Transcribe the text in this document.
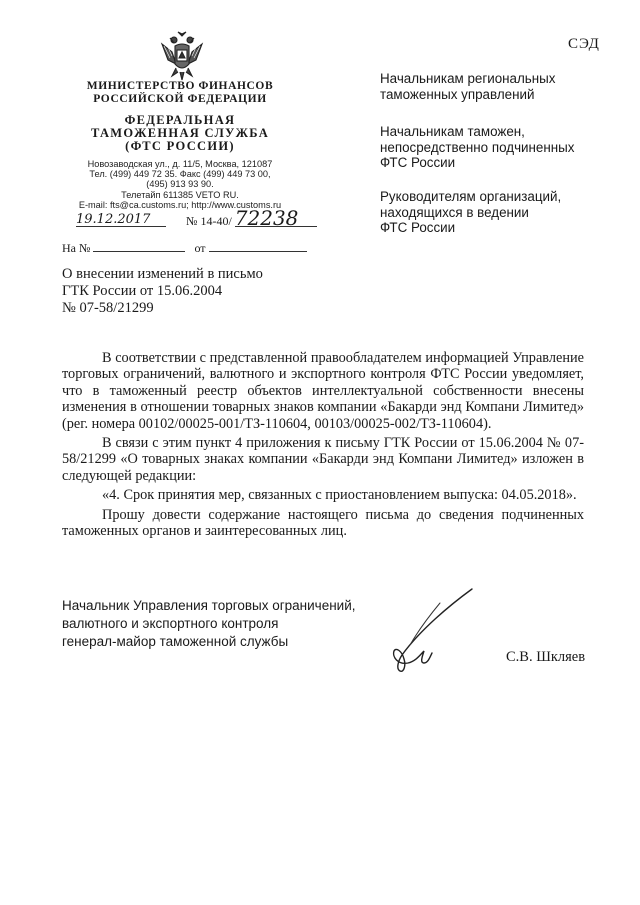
СЭД
МИНИСТЕРСТВО ФИНАНСОВ
РОССИЙСКОЙ ФЕДЕРАЦИИ
ФЕДЕРАЛЬНАЯ
ТАМОЖЕННАЯ СЛУЖБА
(ФТС РОССИИ)
Новозаводская ул., д. 11/5, Москва, 121087
Тел. (499) 449 72 35. Факс (499) 449 73 00,
(495) 913 93 90.
Телетайп 611385 VETO RU.
E-mail: fts@ca.customs.ru; http://www.customs.ru
19.12.2017	№ 14-40/ 72238
На №	от
Начальникам региональных
таможенных управлений
Начальникам таможен,
непосредственно подчиненных
ФТС России
Руководителям организаций,
находящихся в ведении
ФТС России
О внесении изменений в письмо
ГТК России от 15.06.2004
№ 07-58/21299

В соответствии с представленной правообладателем информацией Управление торговых ограничений, валютного и экспортного контроля ФТС России уведомляет, что в таможенный реестр объектов интеллектуальной собственности внесены изменения в отношении товарных знаков компании «Бакарди энд Компани Лимитед» (рег. номера 00102/00025-001/ТЗ-110604, 00103/00025-002/ТЗ-110604).

В связи с этим пункт 4 приложения к письму ГТК России от 15.06.2004 № 07-58/21299 «О товарных знаках компании «Бакарди энд Компани Лимитед» изложен в следующей редакции:

«4. Срок принятия мер, связанных с приостановлением выпуска: 04.05.2018».

Прошу довести содержание настоящего письма до сведения подчиненных таможенных органов и заинтересованных лиц.

Начальник Управления торговых ограничений,
валютного и экспортного контроля
генерал-майор таможенной службы
С.В. Шкляев
